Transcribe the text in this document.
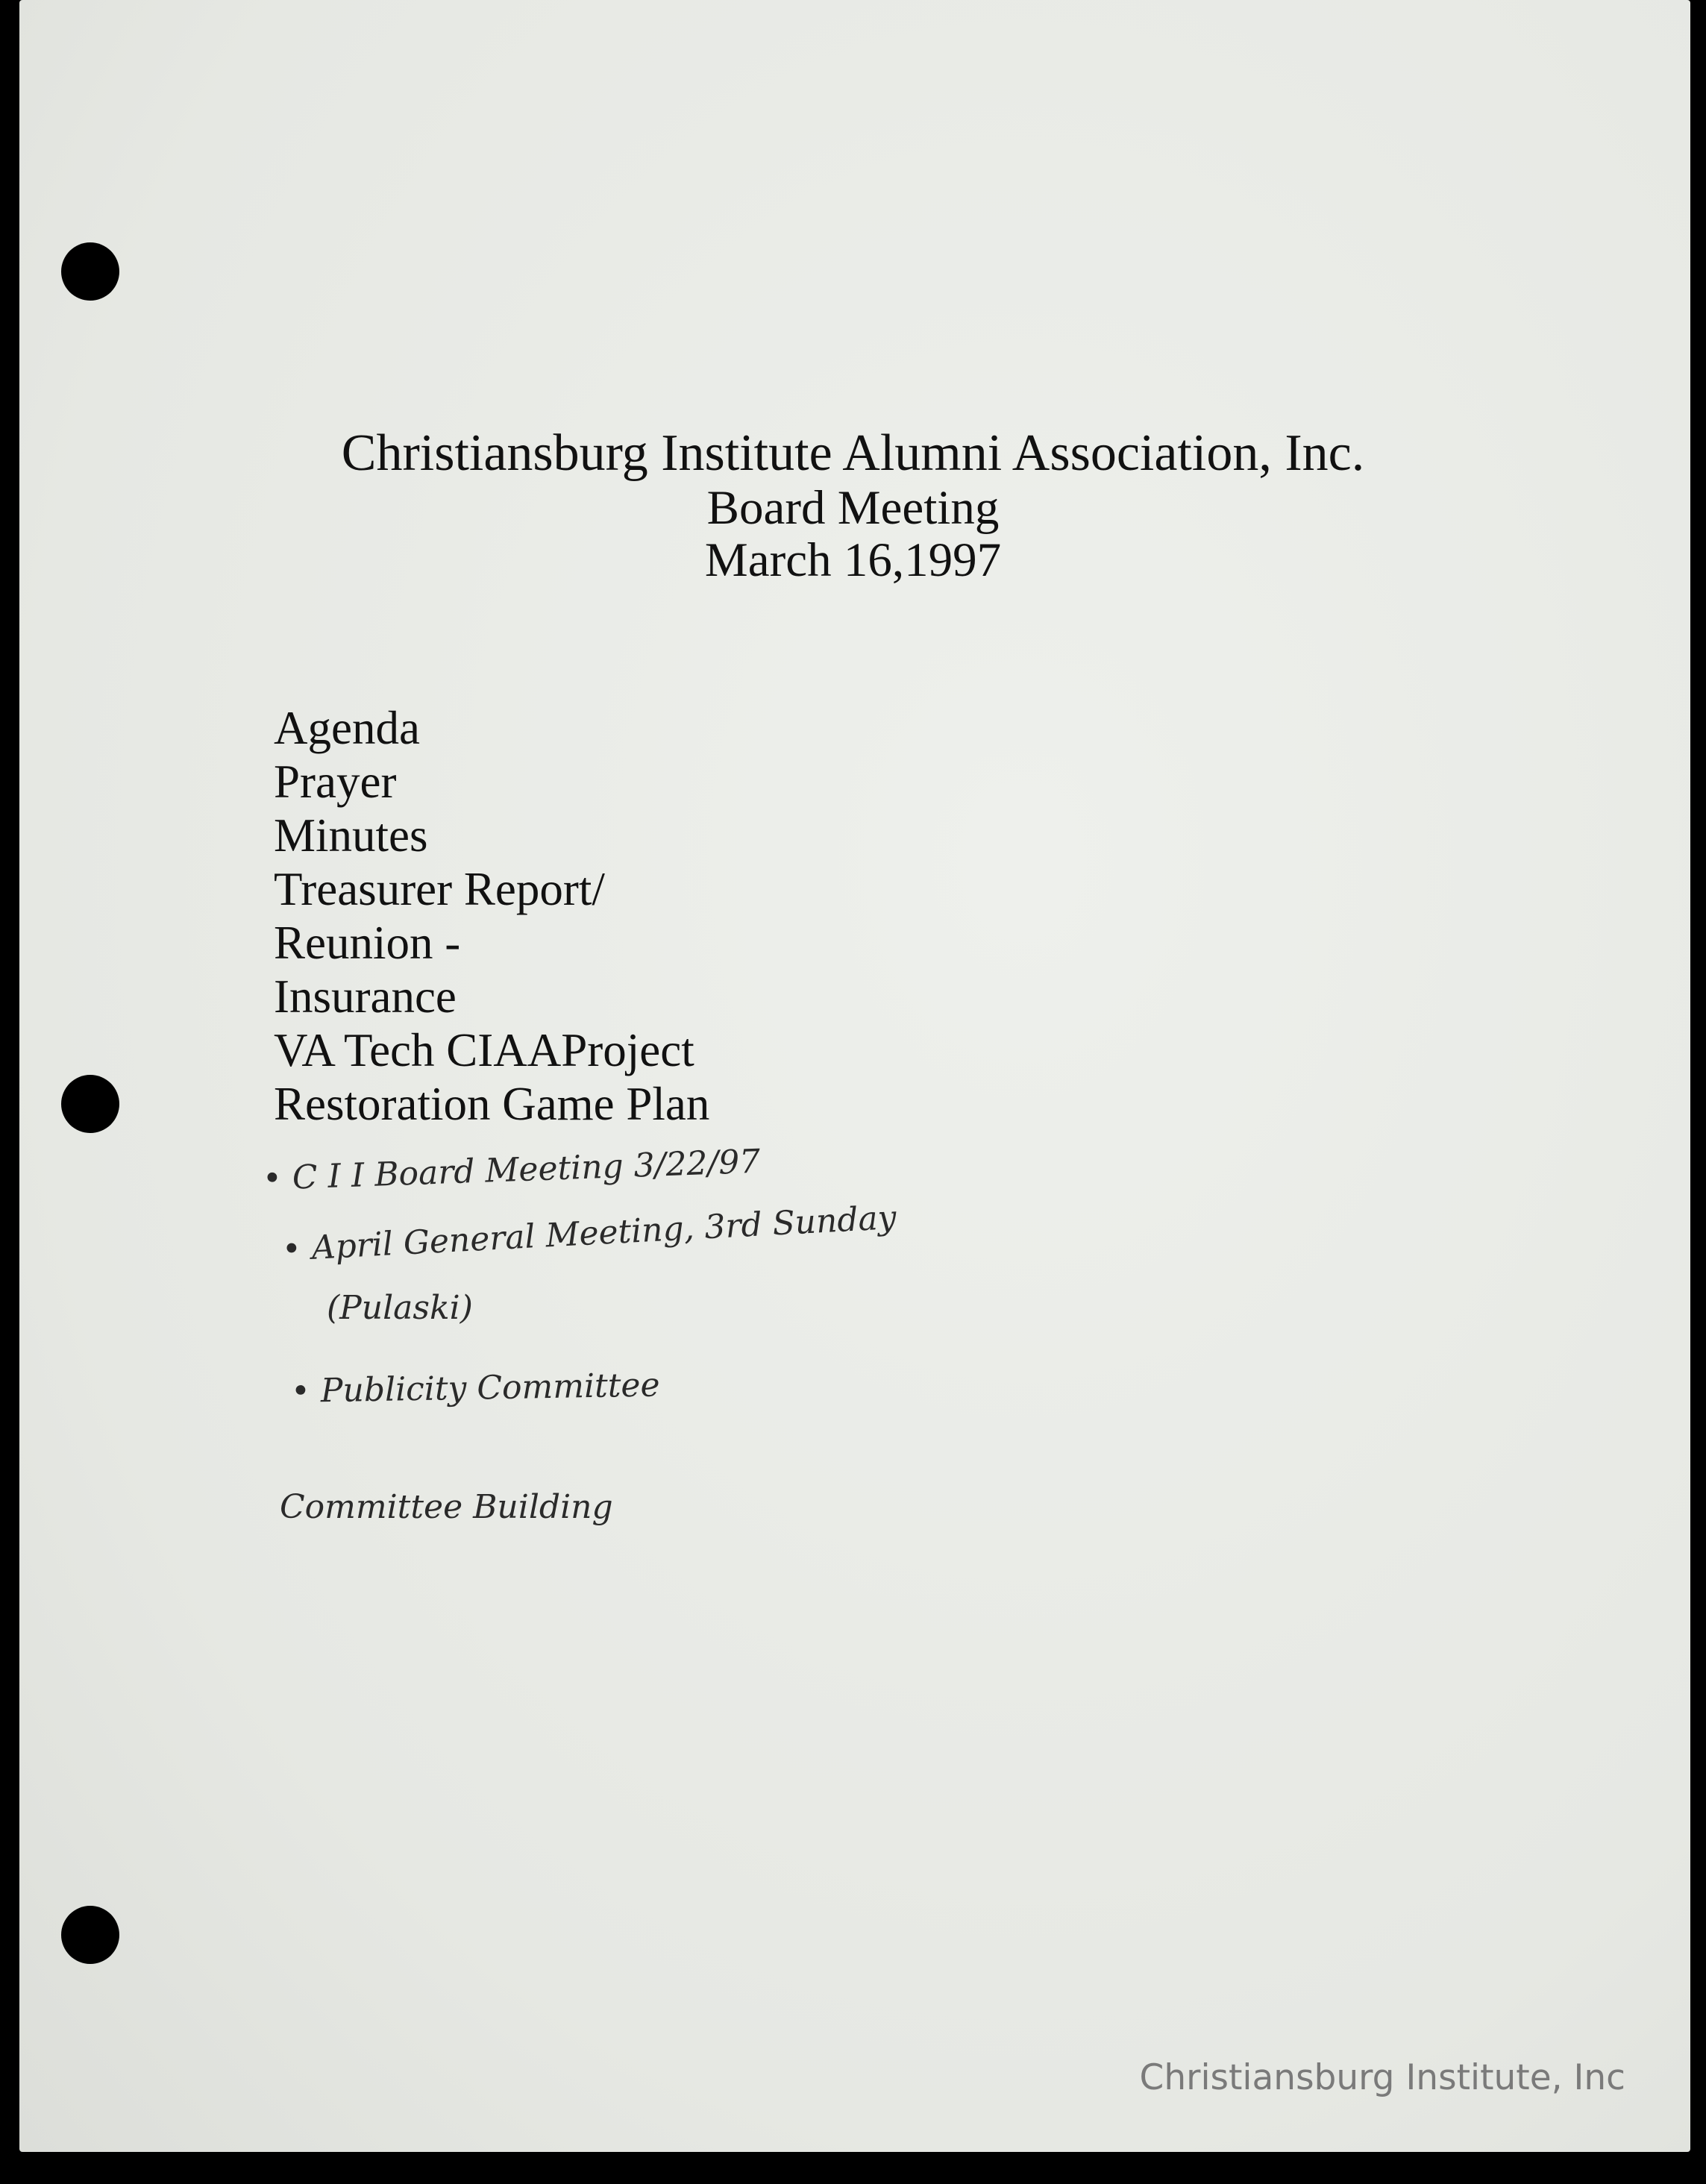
Christiansburg Institute Alumni Association, Inc.
Board Meeting
March 16,1997
Agenda
Prayer
Minutes
Treasurer Report/
Reunion -
Insurance
VA Tech CIAAProject
Restoration Game Plan
• C I I Board Meeting 3/22/97
• April General Meeting, 3rd Sunday
(Pulaski)
• Publicity Committee
Committee Building
Christiansburg Institute, Inc
